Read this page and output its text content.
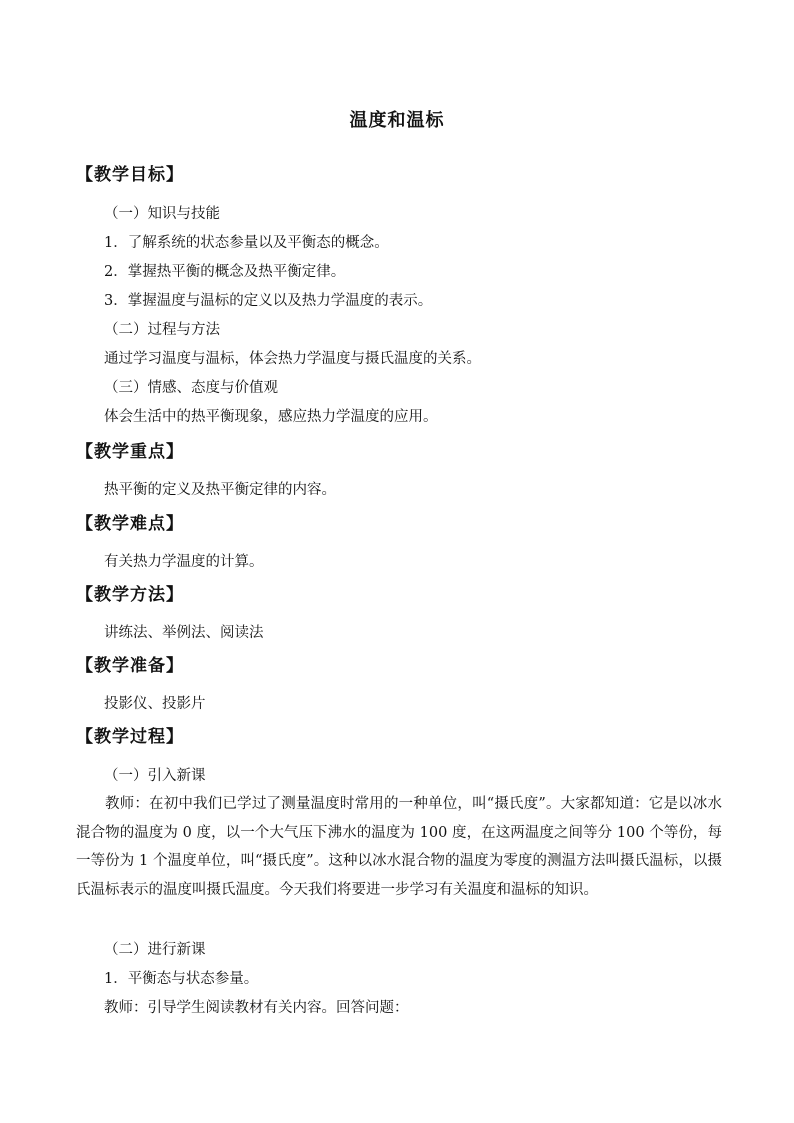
温度和温标
【教学目标】
（一）知识与技能
1．了解系统的状态参量以及平衡态的概念。
2．掌握热平衡的概念及热平衡定律。
3．掌握温度与温标的定义以及热力学温度的表示。
（二）过程与方法
通过学习温度与温标，体会热力学温度与摄氏温度的关系。
（三）情感、态度与价值观
体会生活中的热平衡现象，感应热力学温度的应用。
【教学重点】
热平衡的定义及热平衡定律的内容。
【教学难点】
有关热力学温度的计算。
【教学方法】
讲练法、举例法、阅读法
【教学准备】
投影仪、投影片
【教学过程】
（一）引入新课
教师：在初中我们已学过了测量温度时常用的一种单位，叫“摄氏度”。大家都知道：它是以冰水混合物的温度为 0 度，以一个大气压下沸水的温度为 100 度，在这两温度之间等分 100 个等份，每一等份为 1 个温度单位，叫“摄氏度”。这种以冰水混合物的温度为零度的测温方法叫摄氏温标，以摄氏温标表示的温度叫摄氏温度。今天我们将要进一步学习有关温度和温标的知识。
（二）进行新课
1．平衡态与状态参量。
教师：引导学生阅读教材有关内容。回答问题：
